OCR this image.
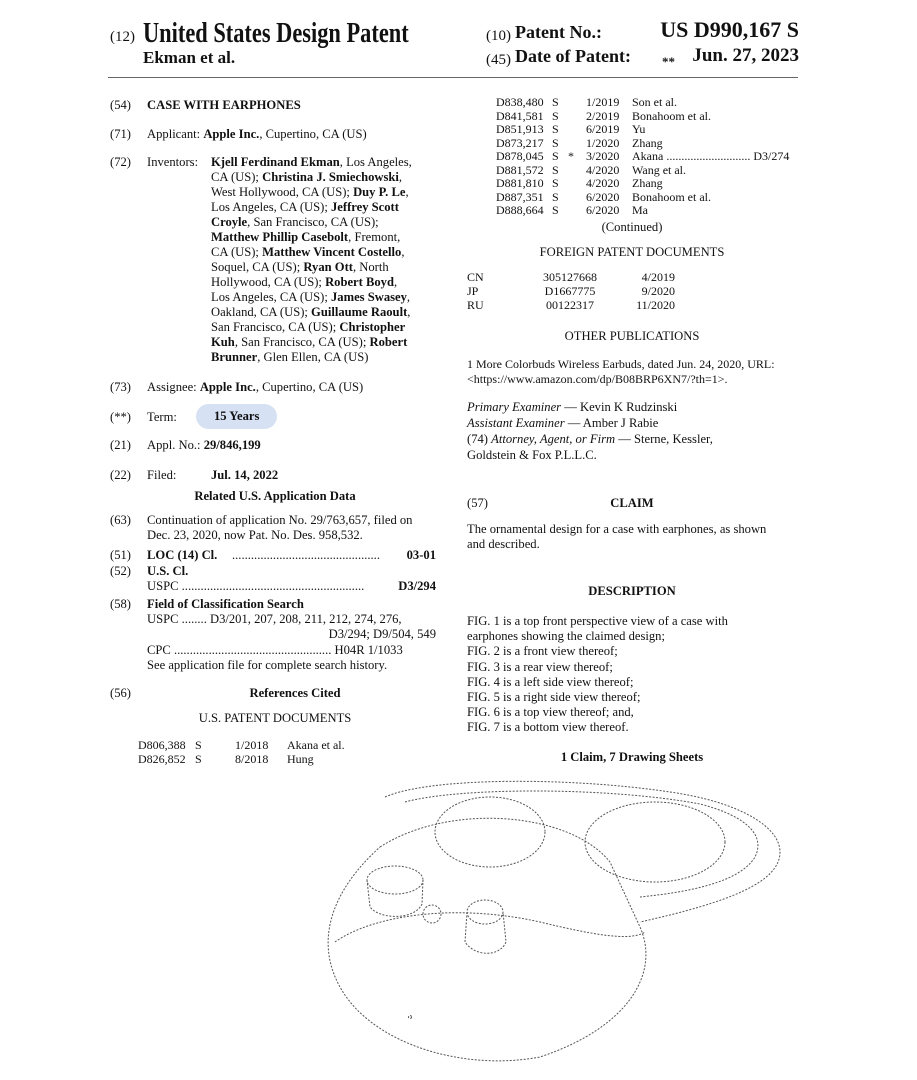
(12) United States Design Patent
Ekman et al.
(10) Patent No.:	US D990,167 S
(45) Date of Patent: ** Jun. 27, 2023
(54) CASE WITH EARPHONES
(71) Applicant: Apple Inc., Cupertino, CA (US)
(72) Inventors: Kjell Ferdinand Ekman, Los Angeles,
CA (US); Christina J. Smiechowski,
West Hollywood, CA (US); Duy P. Le,
Los Angeles, CA (US); Jeffrey Scott
Croyle, San Francisco, CA (US);
Matthew Phillip Casebolt, Fremont,
CA (US); Matthew Vincent Costello,
Soquel, CA (US); Ryan Ott, North
Hollywood, CA (US); Robert Boyd,
Los Angeles, CA (US); James Swasey,
Oakland, CA (US); Guillaume Raoult,
San Francisco, CA (US); Christopher
Kuh, San Francisco, CA (US); Robert
Brunner, Glen Ellen, CA (US)
(73) Assignee: Apple Inc., Cupertino, CA (US)
(**) Term:	15 Years
(21) Appl. No.: 29/846,199
(22) Filed:	Jul. 14, 2022
Related U.S. Application Data
(63) Continuation of application No. 29/763,657, filed on
Dec. 23, 2020, now Pat. No. Des. 958,532.
(51) LOC (14) Cl. ...............................................	03-01
(52) U.S. Cl.
USPC ..........................................................	D3/294
(58) Field of Classification Search
USPC ........ D3/201, 207, 208, 211, 212, 274, 276,
D3/294; D9/504, 549
CPC .................................................. H04R 1/1033
See application file for complete search history.
(56)	References Cited
U.S. PATENT DOCUMENTS
(Continued)
FOREIGN PATENT DOCUMENTS
OTHER PUBLICATIONS
1 More Colorbuds Wireless Earbuds, dated Jun. 24, 2020, URL:
<https://www.amazon.com/dp/B08BRP6XN7/?th=1>.
Primary Examiner — Kevin K Rudzinski
Assistant Examiner — Amber J Rabie
(74) Attorney, Agent, or Firm — Sterne, Kessler,
Goldstein & Fox P.L.L.C.
(57)	CLAIM
The ornamental design for a case with earphones, as shown
and described.
DESCRIPTION
1 Claim, 7 Drawing Sheets
D806,388 S	1/2018 Akana et al.
D826,852 S	8/2018 Hung
D838,480 S 1/2019 Son et al.
D841,581 S 2/2019 Bonahoom et al.
D851,913 S 6/2019 Yu
D873,217 S 1/2020 Zhang
D878,045 S * 3/2020 Akana ............................ D3/274
D881,572 S 4/2020 Wang et al.
D881,810 S 4/2020 Zhang
D887,351 S 6/2020 Bonahoom et al.
D888,664 S 6/2020 Ma
CN	305127668	4/2019
JP	D1667775	9/2020
RU	00122317	11/2020
FIG. 1 is a top front perspective view of a case with
earphones showing the claimed design;
FIG. 2 is a front view thereof;
FIG. 3 is a rear view thereof;
FIG. 4 is a left side view thereof;
FIG. 5 is a right side view thereof;
FIG. 6 is a top view thereof; and,
FIG. 7 is a bottom view thereof.
